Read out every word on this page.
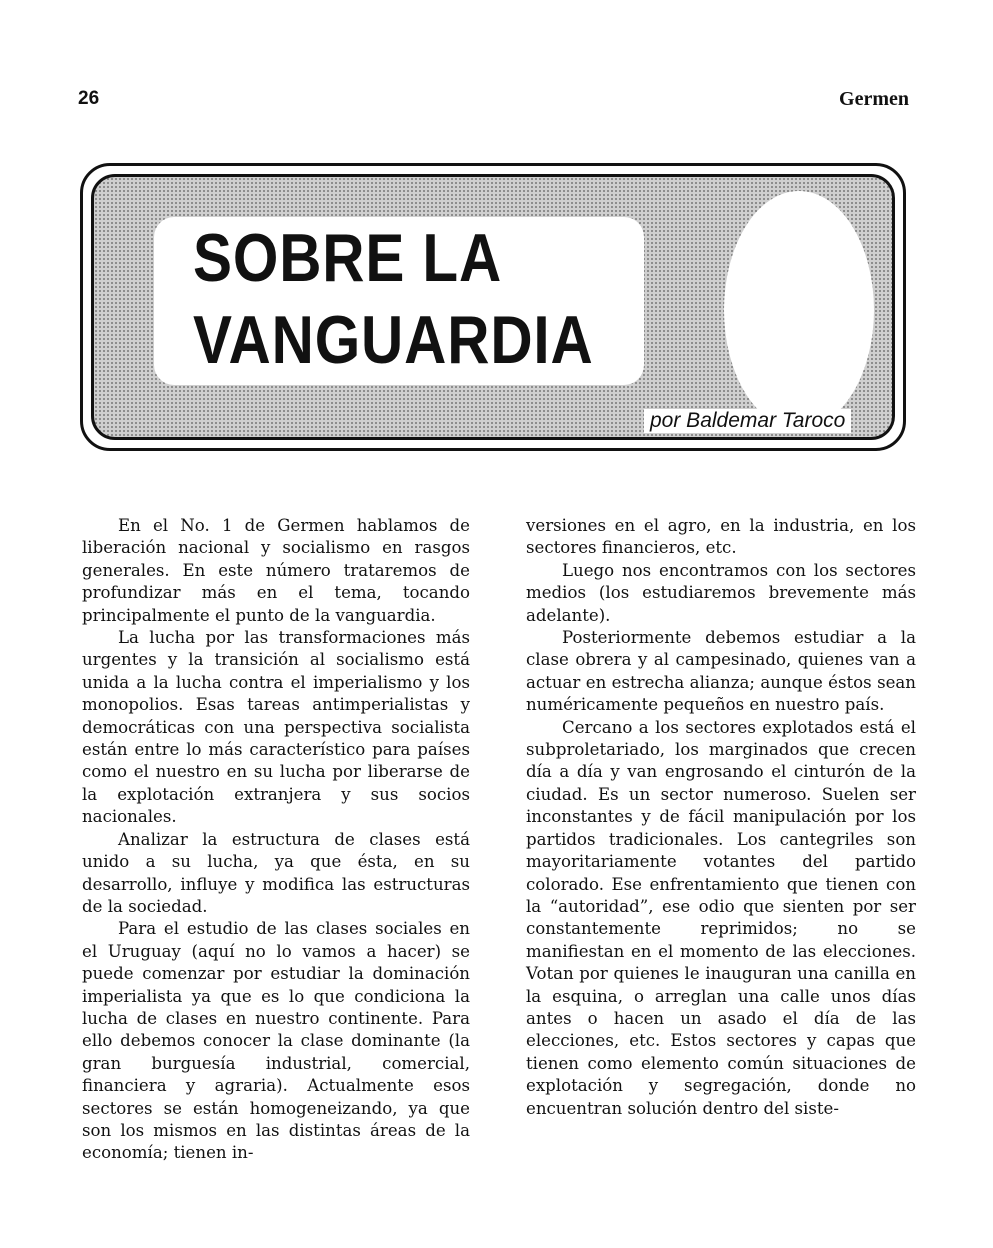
26	Germen
por Baldemar Taroco
SOBRE LA
VANGUARDIA

En el No. 1 de Germen hablamos de liberación nacional y socialismo en rasgos generales. En este número trataremos de profundizar más en el tema, tocando principalmente el punto de la vanguardia.

La lucha por las transformaciones más urgentes y la transición al socialismo está unida a la lucha contra el imperialismo y los monopolios. Esas tareas antimperialistas y democráticas con una perspectiva socialista están entre lo más característico para países como el nuestro en su lucha por liberarse de la explotación extranjera y sus socios nacionales.

Analizar la estructura de clases está unido a su lucha, ya que ésta, en su desarrollo, influye y modifica las estructuras de la sociedad.

Para el estudio de las clases sociales en el Uruguay (aquí no lo vamos a hacer) se puede comenzar por estudiar la dominación imperialista ya que es lo que condiciona la lucha de clases en nuestro continente. Para ello debemos conocer la clase dominante (la gran burguesía industrial, comercial, financiera y agraria). Actualmente esos sectores se están homogeneizando, ya que son los mismos en las distintas áreas de la economía; tienen in-

versiones en el agro, en la industria, en los sectores financieros, etc.

Luego nos encontramos con los sectores medios (los estudiaremos brevemente más adelante).

Posteriormente debemos estudiar a la clase obrera y al campesinado, quienes van a actuar en estrecha alianza; aunque éstos sean numéricamente pequeños en nuestro país.

Cercano a los sectores explotados está el subproletariado, los marginados que crecen día a día y van engrosando el cinturón de la ciudad. Es un sector numeroso. Suelen ser inconstantes y de fácil manipulación por los partidos tradicionales. Los cantegriles son mayoritariamente votantes del partido colorado. Ese enfrentamiento que tienen con la “autoridad”, ese odio que sienten por ser constantemente reprimidos; no se manifiestan en el momento de las elecciones. Votan por quienes le inauguran una canilla en la esquina, o arreglan una calle unos días antes o hacen un asado el día de las elecciones, etc. Estos sectores y capas que tienen como elemento común situaciones de explotación y segregación, donde no encuentran solución dentro del siste-
